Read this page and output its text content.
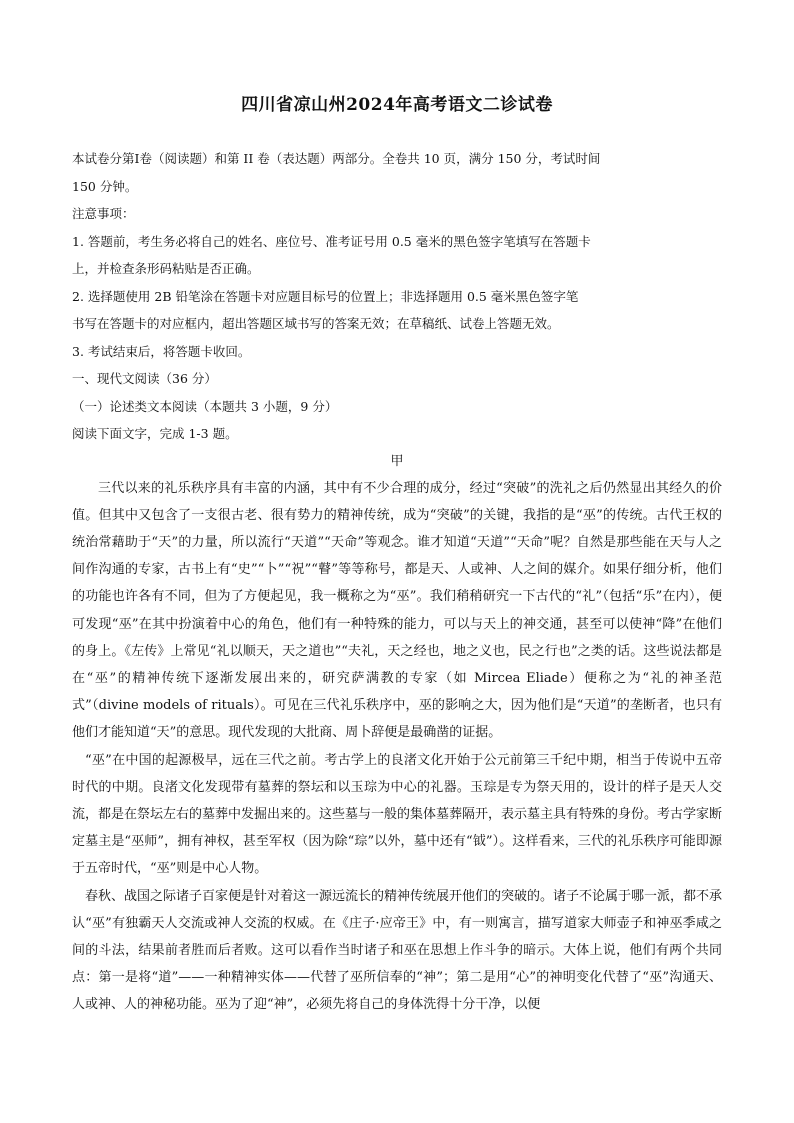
四川省凉山州2024年高考语文二诊试卷

本试卷分第Ⅰ卷（阅读题）和第 II 卷（表达题）两部分。全卷共 10 页，满分 150 分，考试时间

150 分钟。

注意事项：

1. 答题前，考生务必将自己的姓名、座位号、准考证号用 0.5 毫米的黑色签字笔填写在答题卡

上，并检查条形码粘贴是否正确。

2. 选择题使用 2B 铅笔涂在答题卡对应题目标号的位置上；非选择题用 0.5 毫米黑色签字笔

书写在答题卡的对应框内，超出答题区域书写的答案无效；在草稿纸、试卷上答题无效。

3. 考试结束后，将答题卡收回。

一、现代文阅读（36 分）

（一）论述类文本阅读（本题共 3 小题，9 分）

阅读下面文字，完成 1-3 题。

甲

三代以来的礼乐秩序具有丰富的内涵，其中有不少合理的成分，经过“突破”的洗礼之后仍然显出其经久的价值。但其中又包含了一支很古老、很有势力的精神传统，成为“突破”的关键，我指的是“巫”的传统。古代王权的统治常藉助于“天”的力量，所以流行“天道”“天命”等观念。谁才知道“天道”“天命”呢？自然是那些能在天与人之间作沟通的专家，古书上有“史”“卜”“祝”“瞽”等等称号，都是天、人或神、人之间的媒介。如果仔细分析，他们的功能也许各有不同，但为了方便起见，我一概称之为“巫”。我们稍稍研究一下古代的“礼”（包括“乐”在内），便可发现“巫”在其中扮演着中心的角色，他们有一种特殊的能力，可以与天上的神交通，甚至可以使神“降”在他们的身上。《左传》上常见“礼以顺天，天之道也”“夫礼，天之经也，地之义也，民之行也”之类的话。这些说法都是在“巫”的精神传统下逐渐发展出来的，研究萨满教的专家（如 Mircea Eliade）便称之为“礼的神圣范式”（divine models of rituals）。可见在三代礼乐秩序中，巫的影响之大，因为他们是“天道”的垄断者，也只有他们才能知道“天”的意思。现代发现的大批商、周卜辞便是最确凿的证据。

“巫”在中国的起源极早，远在三代之前。考古学上的良渚文化开始于公元前第三千纪中期，相当于传说中五帝时代的中期。良渚文化发现带有墓葬的祭坛和以玉琮为中心的礼器。玉琮是专为祭天用的，设计的样子是天人交流，都是在祭坛左右的墓葬中发掘出来的。这些墓与一般的集体墓葬隔开，表示墓主具有特殊的身份。考古学家断定墓主是“巫师”，拥有神权，甚至军权（因为除“琮”以外，墓中还有“钺”）。这样看来，三代的礼乐秩序可能即源于五帝时代，“巫”则是中心人物。

春秋、战国之际诸子百家便是针对着这一源远流长的精神传统展开他们的突破的。诸子不论属于哪一派，都不承认“巫”有独霸天人交流或神人交流的权威。在《庄子·应帝王》中，有一则寓言，描写道家大师壶子和神巫季咸之间的斗法，结果前者胜而后者败。这可以看作当时诸子和巫在思想上作斗争的暗示。大体上说，他们有两个共同点：第一是将“道”——一种精神实体——代替了巫所信奉的“神”；第二是用“心”的神明变化代替了“巫”沟通天、人或神、人的神秘功能。巫为了迎“神”，必须先将自己的身体洗得十分干净，以便
